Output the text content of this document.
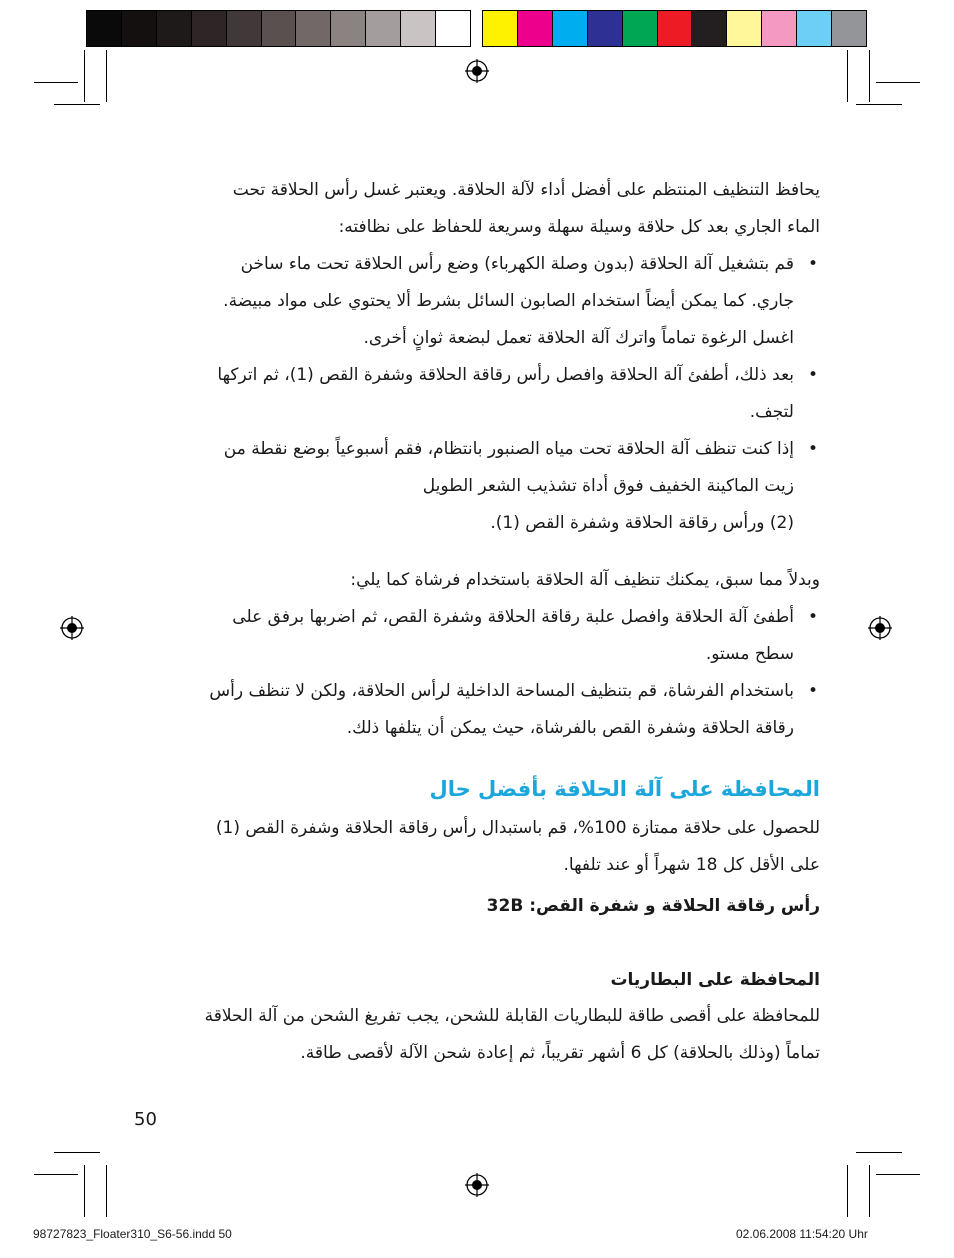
يحافظ التنظيف المنتظم على أفضل أداء لآلة الحلاقة. ويعتبر غسل رأس الحلاقة تحت
الماء الجاري بعد كل حلاقة وسيلة سهلة وسريعة للحفاظ على نظافته:
• قم بتشغيل آلة الحلاقة (بدون وصلة الكهرباء) وضع رأس الحلاقة تحت ماء ساخن
جاري. كما يمكن أيضاً استخدام الصابون السائل بشرط ألا يحتوي على مواد مبيضة.
اغسل الرغوة تماماً واترك آلة الحلاقة تعمل لبضعة ثوانٍ أخرى.
• بعد ذلك، أطفئ آلة الحلاقة وافصل رأس رقاقة الحلاقة وشفرة القص (1)، ثم اتركها
لتجف.
• إذا كنت تنظف آلة الحلاقة تحت مياه الصنبور بانتظام، فقم أسبوعياً بوضع نقطة من
زيت الماكينة الخفيف فوق أداة تشذيب الشعر الطويل
(2) ورأس رقاقة الحلاقة وشفرة القص (1).
وبدلاً مما سبق، يمكنك تنظيف آلة الحلاقة باستخدام فرشاة كما يلي:
• أطفئ آلة الحلاقة وافصل علبة رقاقة الحلاقة وشفرة القص، ثم اضربها برفق على
سطح مستو.
• باستخدام الفرشاة، قم بتنظيف المساحة الداخلية لرأس الحلاقة، ولكن لا تنظف رأس
رقاقة الحلاقة وشفرة القص بالفرشاة، حيث يمكن أن يتلفها ذلك.
المحافظة على آلة الحلاقة بأفضل حال
للحصول على حلاقة ممتازة 100%، قم باستبدال رأس رقاقة الحلاقة وشفرة القص (1)
على الأقل كل 18 شهراً أو عند تلفها.
رأس رقاقة الحلاقة و شفرة القص: 32B
المحافظة على البطاريات
للمحافظة على أقصى طاقة للبطاريات القابلة للشحن، يجب تفريغ الشحن من آلة الحلاقة
تماماً (وذلك بالحلاقة) كل 6 أشهر تقريباً، ثم إعادة شحن الآلة لأقصى طاقة.
50
98727823_Floater310_S6-56.indd 50	02.06.2008 11:54:20 Uhr
